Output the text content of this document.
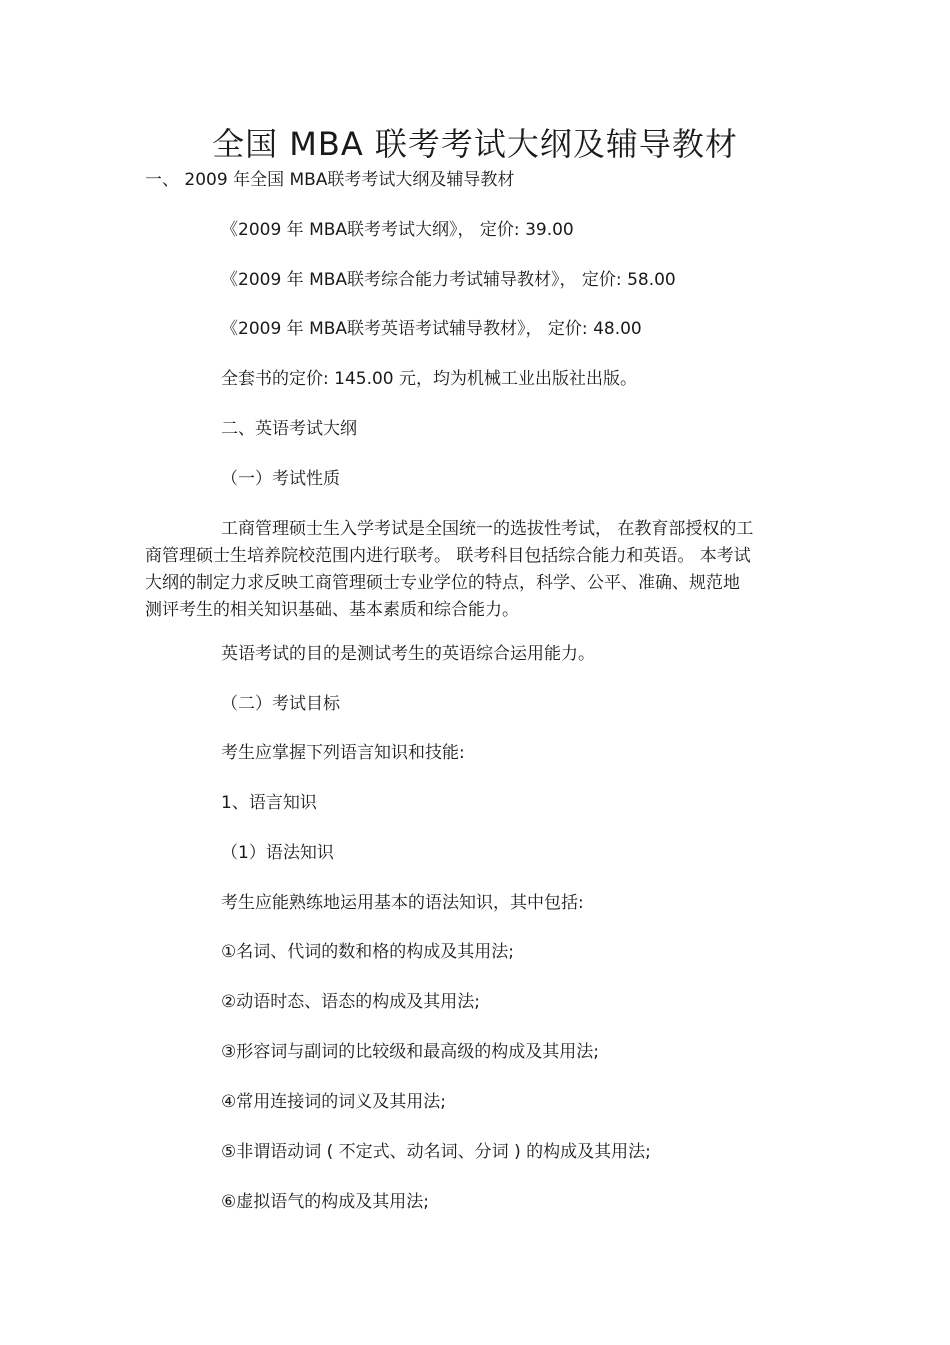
全国 MBA 联考考试大纲及辅导教材
一、 2009 年全国 MBA联考考试大纲及辅导教材
《2009 年 MBA联考考试大纲》， 定价: 39.00
《2009 年 MBA联考综合能力考试辅导教材》， 定价: 58.00
《2009 年 MBA联考英语考试辅导教材》， 定价: 48.00
全套书的定价: 145.00 元，均为机械工业出版社出版。
二、英语考试大纲
（一）考试性质
工商管理硕士生入学考试是全国统一的选拔性考试， 在教育部授权的工
商管理硕士生培养院校范围内进行联考。 联考科目包括综合能力和英语。 本考试
大纲的制定力求反映工商管理硕士专业学位的特点，科学、公平、准确、规范地
测评考生的相关知识基础、基本素质和综合能力。
英语考试的目的是测试考生的英语综合运用能力。
（二）考试目标
考生应掌握下列语言知识和技能:
1、语言知识
（1）语法知识
考生应能熟练地运用基本的语法知识，其中包括:
①名词、代词的数和格的构成及其用法;
②动语时态、语态的构成及其用法;
③形容词与副词的比较级和最高级的构成及其用法;
④常用连接词的词义及其用法;
⑤非谓语动词 ( 不定式、动名词、分词 ) 的构成及其用法;
⑥虚拟语气的构成及其用法;
